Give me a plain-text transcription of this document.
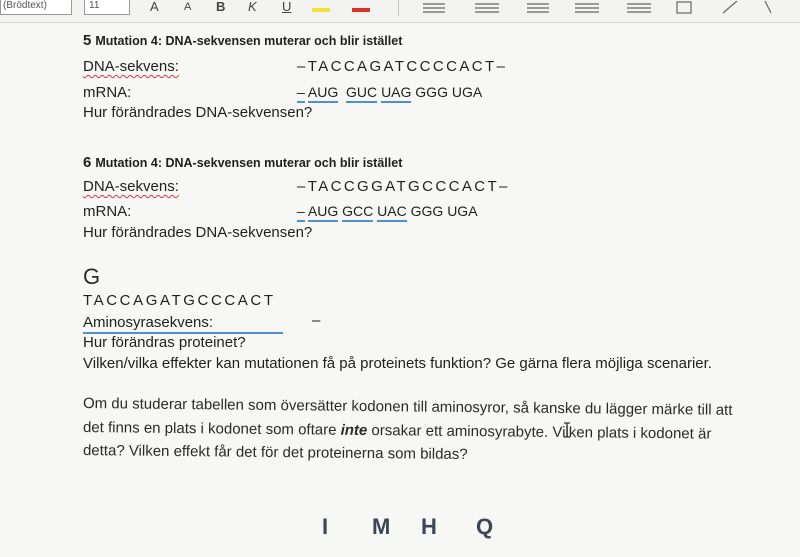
(Brödtext)	11	A A B K U
5 Mutation 4: DNA-sekvensen muterar och blir istället
DNA-sekvens:	–TACCAGATCCCCACT–
mRNA:	– AUG GUC UAG GGG UGA
Hur förändrades DNA-sekvensen?
6 Mutation 4: DNA-sekvensen muterar och blir istället
DNA-sekvens:	–TACCGGATGCCCACT–
mRNA:	– AUG GCC UAC GGG UGA
Hur förändrades DNA-sekvensen?
G
TACCAGATGCCCACT
Aminosyrasekvens:	–
Hur förändras proteinet?
Vilken/vilka effekter kan mutationen få på proteinets funktion? Ge gärna flera möjliga scenarier.
Om du studerar tabellen som översätter kodonen till aminosyror, så kanske du lägger märke till att
det finns en plats i kodonet som oftare inte orsakar ett aminosyrabyte. Vilken plats i kodonet är
detta? Vilken effekt får det för det proteinerna som bildas?
I M H Q
